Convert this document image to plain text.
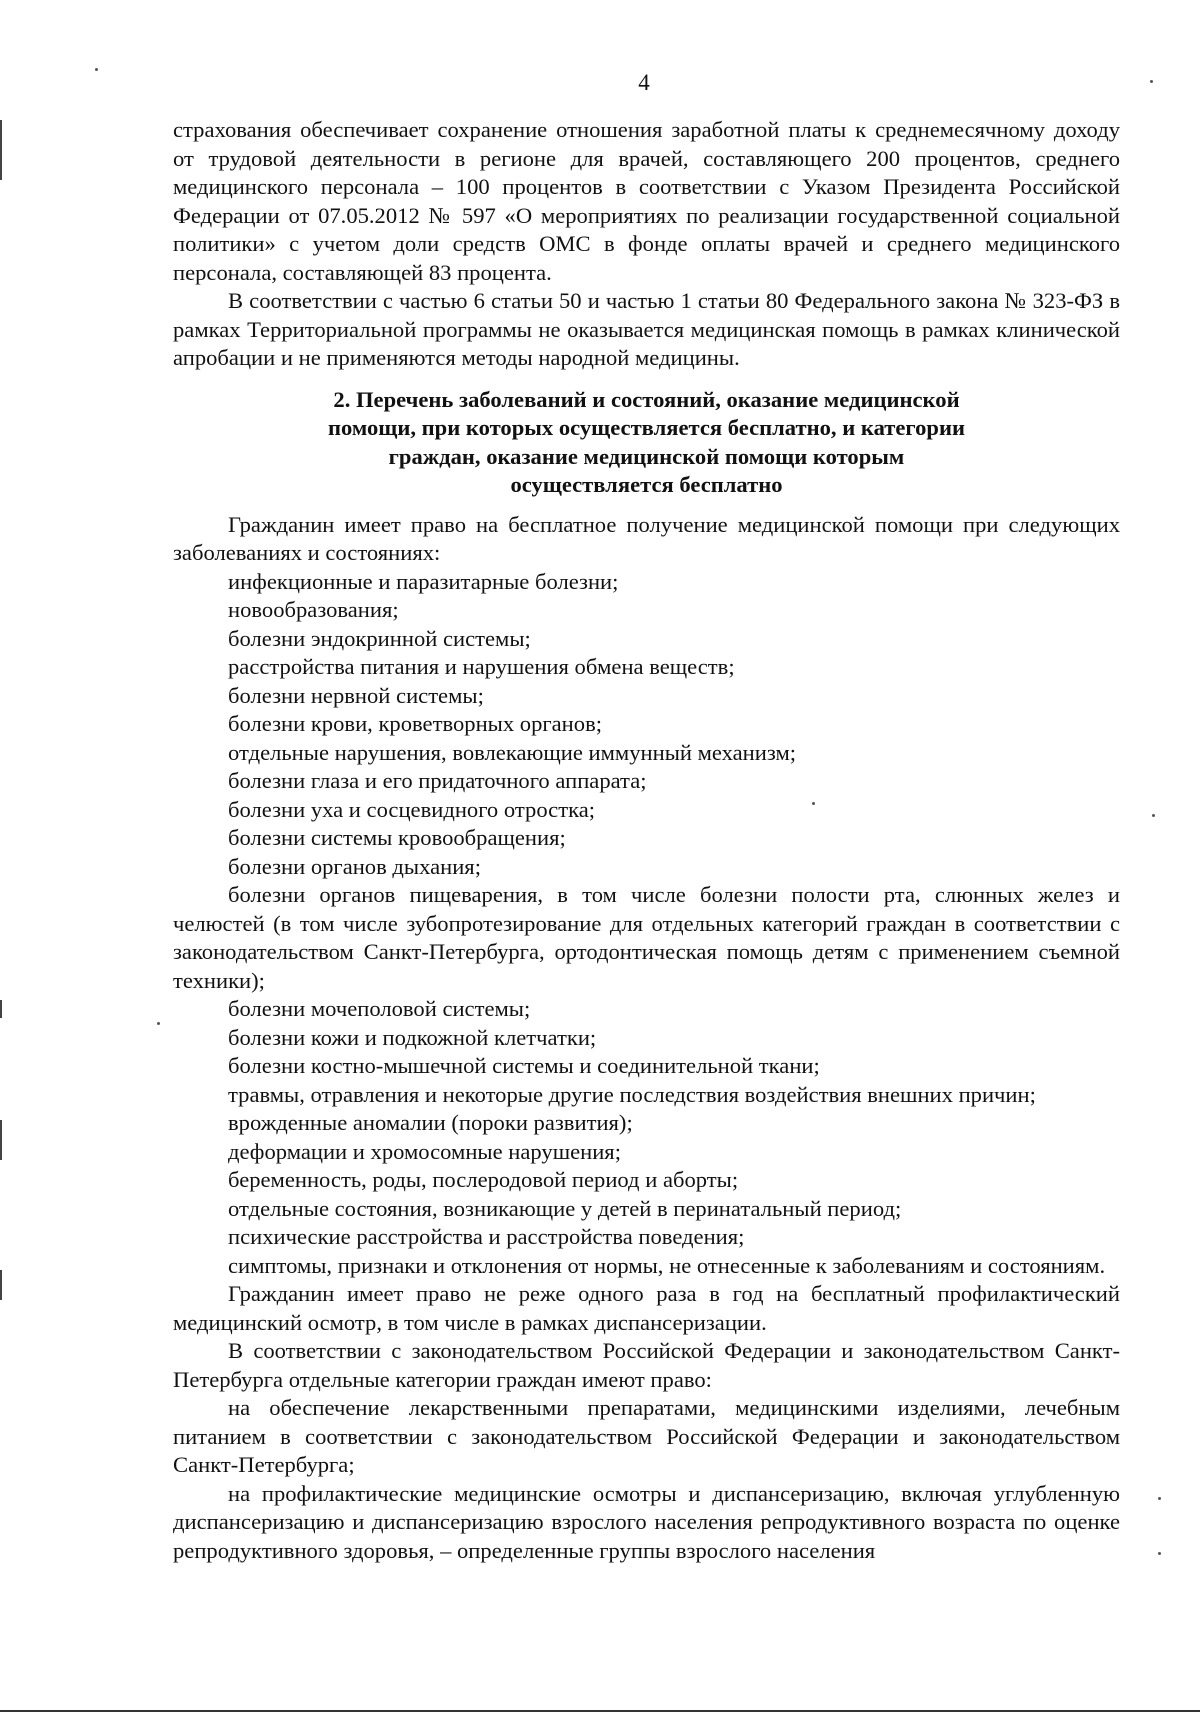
4

страхования обеспечивает сохранение отношения заработной платы к среднемесячному доходу от трудовой деятельности в регионе для врачей, составляющего 200 процентов, среднего медицинского персонала – 100 процентов в соответствии с Указом Президента Российской Федерации от 07.05.2012 № 597 «О мероприятиях по реализации государственной социальной политики» с учетом доли средств ОМС в фонде оплаты врачей и среднего медицинского персонала, составляющей 83 процента.

В соответствии с частью 6 статьи 50 и частью 1 статьи 80 Федерального закона № 323-ФЗ в рамках Территориальной программы не оказывается медицинская помощь в рамках клинической апробации и не применяются методы народной медицины.

2. Перечень заболеваний и состояний, оказание медицинской
помощи, при которых осуществляется бесплатно, и категории
граждан, оказание медицинской помощи которым
осуществляется бесплатно

Гражданин имеет право на бесплатное получение медицинской помощи при следующих заболеваниях и состояниях:

инфекционные и паразитарные болезни;

новообразования;

болезни эндокринной системы;

расстройства питания и нарушения обмена веществ;

болезни нервной системы;

болезни крови, кроветворных органов;

отдельные нарушения, вовлекающие иммунный механизм;

болезни глаза и его придаточного аппарата;

болезни уха и сосцевидного отростка;

болезни системы кровообращения;

болезни органов дыхания;

болезни органов пищеварения, в том числе болезни полости рта, слюнных желез и челюстей (в том числе зубопротезирование для отдельных категорий граждан в соответствии с законодательством Санкт-Петербурга, ортодонтическая помощь детям с применением съемной техники);

болезни мочеполовой системы;

болезни кожи и подкожной клетчатки;

болезни костно-мышечной системы и соединительной ткани;

травмы, отравления и некоторые другие последствия воздействия внешних причин;

врожденные аномалии (пороки развития);

деформации и хромосомные нарушения;

беременность, роды, послеродовой период и аборты;

отдельные состояния, возникающие у детей в перинатальный период;

психические расстройства и расстройства поведения;

симптомы, признаки и отклонения от нормы, не отнесенные к заболеваниям и состояниям.

Гражданин имеет право не реже одного раза в год на бесплатный профилактический медицинский осмотр, в том числе в рамках диспансеризации.

В соответствии с законодательством Российской Федерации и законодательством Санкт-Петербурга отдельные категории граждан имеют право:

на обеспечение лекарственными препаратами, медицинскими изделиями, лечебным питанием в соответствии с законодательством Российской Федерации и законодательством Санкт-Петербурга;

на профилактические медицинские осмотры и диспансеризацию, включая углубленную диспансеризацию и диспансеризацию взрослого населения репродуктивного возраста по оценке репродуктивного здоровья, – определенные группы взрослого населения
